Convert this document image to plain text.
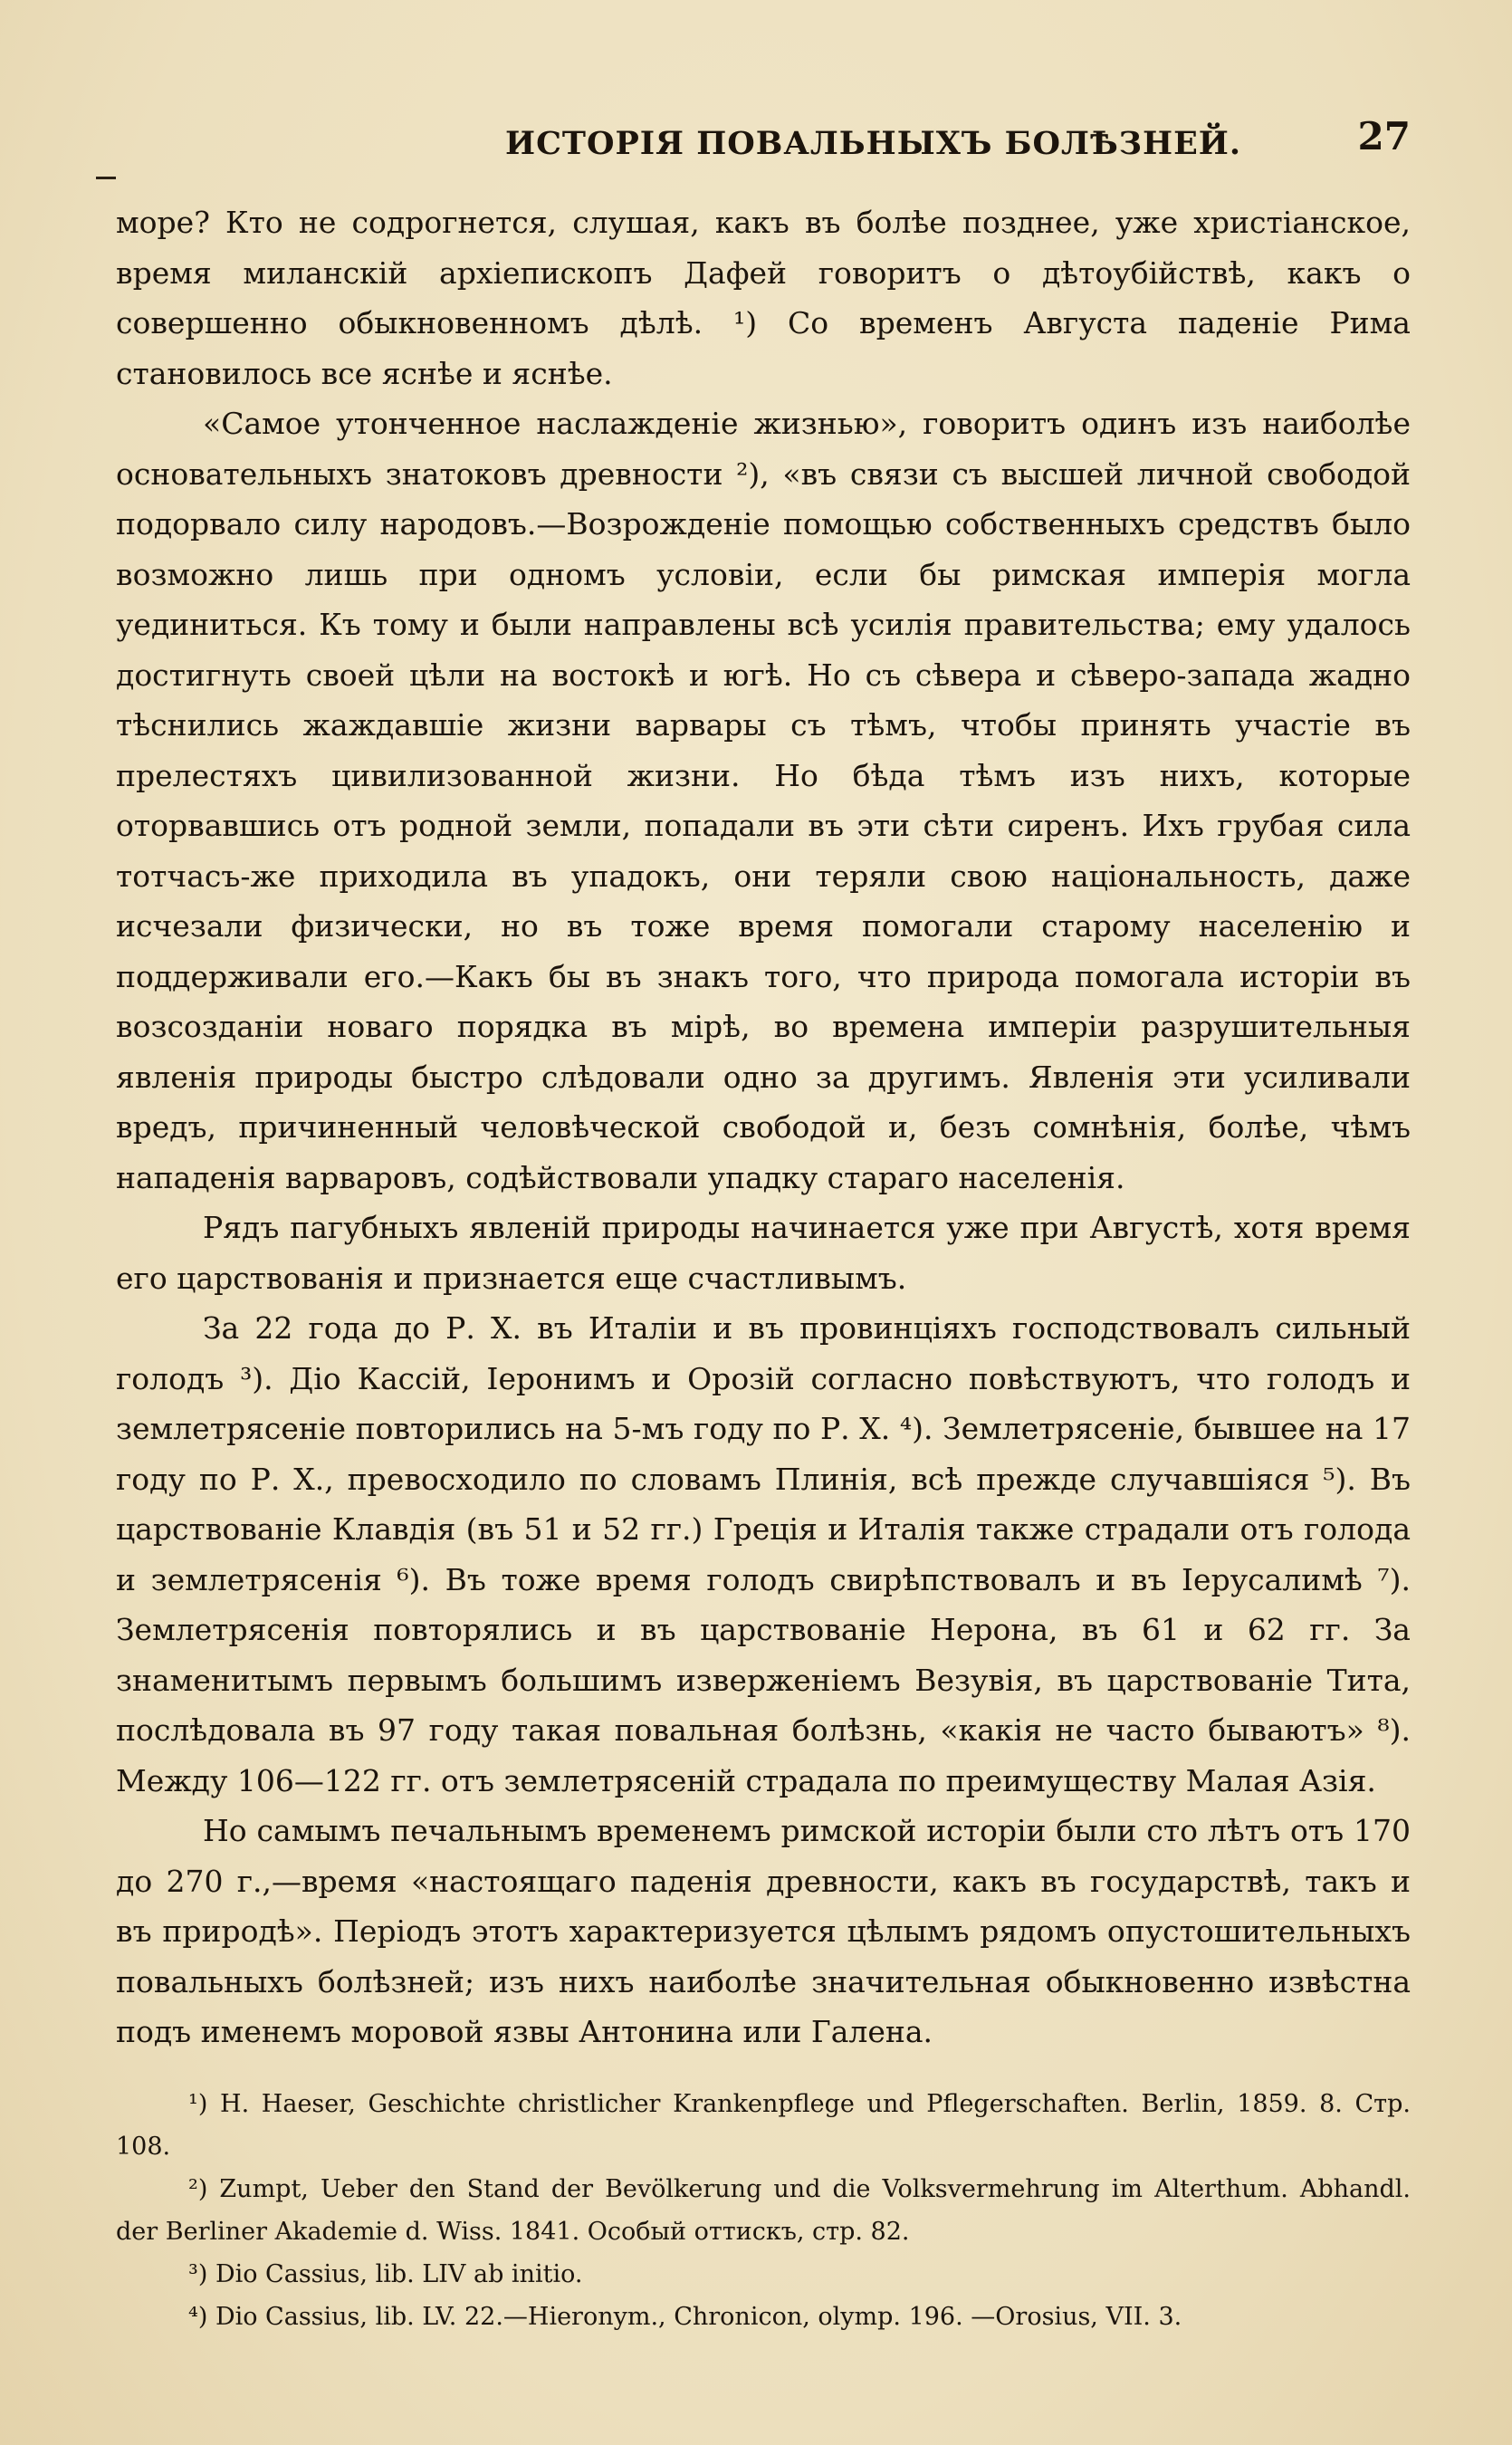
ИСТОРІЯ ПОВАЛЬНЫХЪ БОЛѢЗНЕЙ.	27

море? Кто не содрогнется, слушая, какъ въ болѣе позднее, уже христіанское, время миланскій архіепископъ Дафей говоритъ о дѣтоубійствѣ, какъ о совершенно обыкновенномъ дѣлѣ. ¹) Со временъ Августа паденіе Рима становилось все яснѣе и яснѣе.

«Самое утонченное наслажденіе жизнью», говоритъ одинъ изъ наиболѣе основательныхъ знатоковъ древности ²), «въ связи съ высшей личной свободой подорвало силу народовъ.—Возрожденіе помощью собственныхъ средствъ было возможно лишь при одномъ условіи, если бы римская имперія могла уединиться. Къ тому и были направлены всѣ усилія правительства; ему удалось достигнуть своей цѣли на востокѣ и югѣ. Но съ сѣвера и сѣверо-запада жадно тѣснились жаждавшіе жизни варвары съ тѣмъ, чтобы принять участіе въ прелестяхъ цивилизованной жизни. Но бѣда тѣмъ изъ нихъ, которые оторвавшись отъ родной земли, попадали въ эти сѣти сиренъ. Ихъ грубая сила тотчасъ-же приходила въ упадокъ, они теряли свою національность, даже исчезали физически, но въ тоже время помогали старому населенію и поддерживали его.—Какъ бы въ знакъ того, что природа помогала исторіи въ возсозданіи новаго порядка въ мірѣ, во времена имперіи разрушительныя явленія природы быстро слѣдовали одно за другимъ. Явленія эти усиливали вредъ, причиненный человѣческой свободой и, безъ сомнѣнія, болѣе, чѣмъ нападенія варваровъ, содѣйствовали упадку стараго населенія.

Рядъ пагубныхъ явленій природы начинается уже при Августѣ, хотя время его царствованія и признается еще счастливымъ.

За 22 года до Р. Х. въ Италіи и въ провинціяхъ господствовалъ сильный голодъ ³). Діо Кассій, Іеронимъ и Орозій согласно повѣствуютъ, что голодъ и землетрясеніе повторились на 5-мъ году по Р. Х. ⁴). Землетрясеніе, бывшее на 17 году по Р. Х., превосходило по словамъ Плинія, всѣ прежде случавшіяся ⁵). Въ царствованіе Клавдія (въ 51 и 52 гг.) Греція и Италія также страдали отъ голода и землетрясенія ⁶). Въ тоже время голодъ свирѣпствовалъ и въ Іерусалимѣ ⁷). Землетрясенія повторялись и въ царствованіе Нерона, въ 61 и 62 гг. За знаменитымъ первымъ большимъ изверженіемъ Везувія, въ царствованіе Тита, послѣдовала въ 97 году такая повальная болѣзнь, «какія не часто бываютъ» ⁸). Между 106—122 гг. отъ землетрясеній страдала по преимуществу Малая Азія.

Но самымъ печальнымъ временемъ римской исторіи были сто лѣтъ отъ 170 до 270 г.,—время «настоящаго паденія древности, какъ въ государствѣ, такъ и въ природѣ». Періодъ этотъ характеризуется цѣлымъ рядомъ опустошительныхъ повальныхъ болѣзней; изъ нихъ наиболѣе значительная обыкновенно извѣстна подъ именемъ моровой язвы Антонина или Галена.

¹) H. Haeser, Geschichte christlicher Krankenpflege und Pflegerschaften. Berlin, 1859. 8. Стр. 108.

²) Zumpt, Ueber den Stand der Bevölkerung und die Volksvermehrung im Alterthum. Abhandl. der Berliner Akademie d. Wiss. 1841. Особый оттискъ, стр. 82.

³) Dio Cassius, lib. LIV ab initio.

⁴) Dio Cassius, lib. LV. 22.—Hieronym., Chronicon, olymp. 196. —Orosius, VII. 3.
